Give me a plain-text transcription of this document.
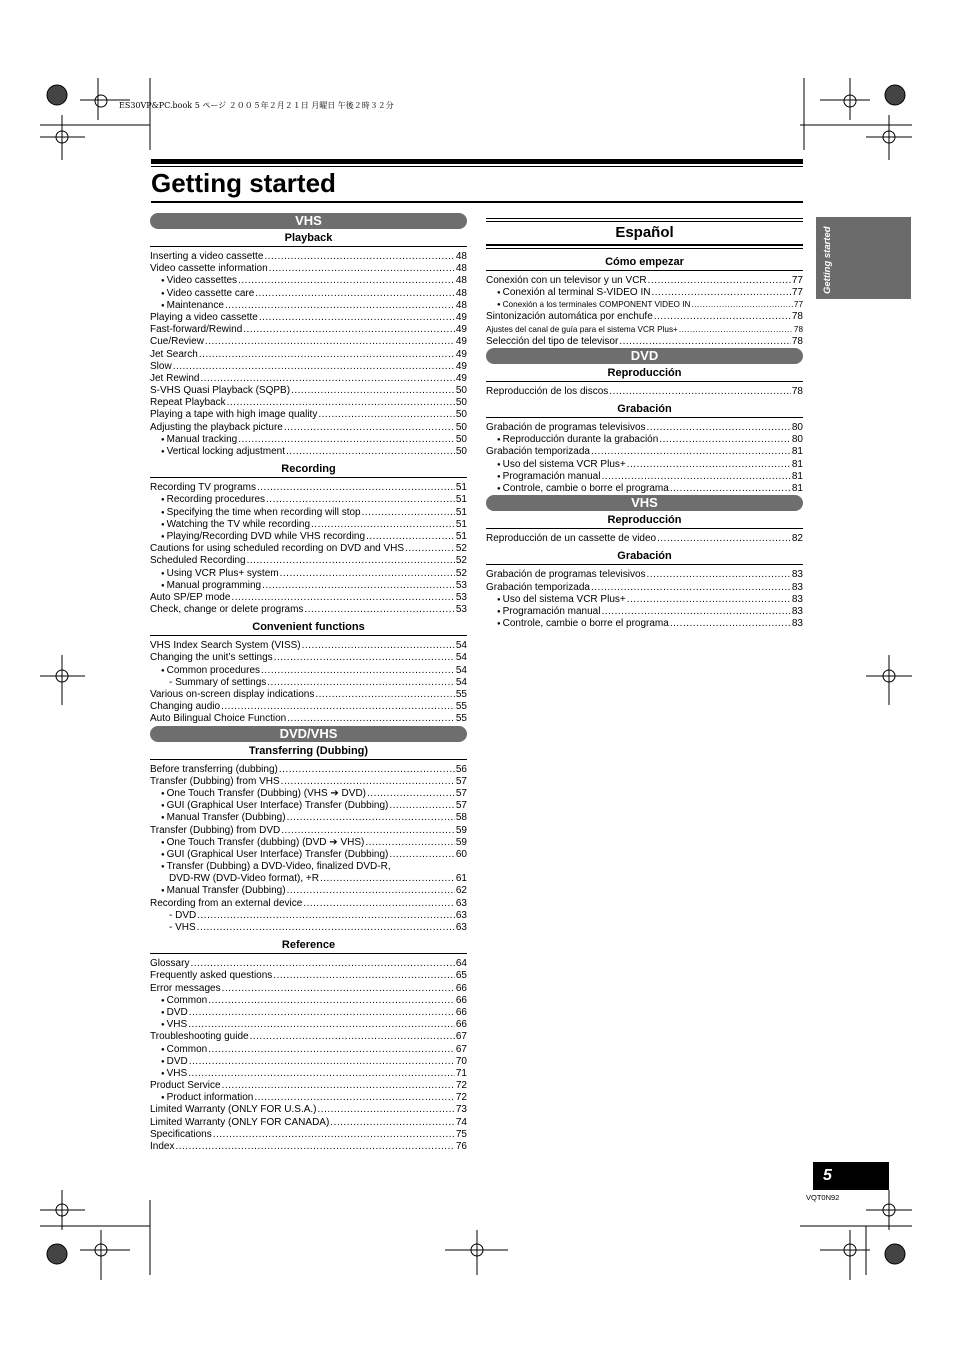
ES30VP&PC.book 5 ページ ２００５年２月２１日 月曜日 午後２時３２分
Getting started
VHS
Playback
Inserting a video cassette .....	48
Video cassette information .....	48
● Video cassettes .....	48
● Video cassette care .....	48
● Maintenance .....	48
Playing a video cassette .....	49
Fast-forward/Rewind .....	49
Cue/Review .....	49
Jet Search .....	49
Slow .....	49
Jet Rewind .....	49
S-VHS Quasi Playback (SQPB) .....	50
Repeat Playback .....	50
Playing a tape with high image quality .....	50
Adjusting the playback picture .....	50
● Manual tracking .....	50
● Vertical locking adjustment .....	50
Recording
Recording TV programs .....	51
● Recording procedures .....	51
● Specifying the time when recording will stop .....	51
● Watching the TV while recording .....	51
● Playing/Recording DVD while VHS recording .....	51
Cautions for using scheduled recording on DVD and VHS .....	52
Scheduled Recording .....	52
● Using VCR Plus+ system .....	52
● Manual programming .....	53
Auto SP/EP mode .....	53
Check, change or delete programs .....	53
Convenient functions
VHS Index Search System (VISS) .....	54
Changing the unit’s settings .....	54
● Common procedures .....	54
- Summary of settings .....	54
Various on-screen display indications .....	55
Changing audio .....	55
Auto Bilingual Choice Function .....	55
DVD/VHS
Transferring (Dubbing)
Before transferring (dubbing) .....	56
Transfer (Dubbing) from VHS .....	57
● One Touch Transfer (Dubbing) (VHS ➔ DVD) .....	57
● GUI (Graphical User Interface) Transfer (Dubbing) .....	57
● Manual Transfer (Dubbing) .....	58
Transfer (Dubbing) from DVD .....	59
● One Touch Transfer (dubbing) (DVD ➔ VHS) .....	59
● GUI (Graphical User Interface) Transfer (Dubbing) .....	60
● Transfer (Dubbing) a DVD-Video, finalized DVD-R,
DVD-RW (DVD-Video format), +R .....	61
● Manual Transfer (Dubbing) .....	62
Recording from an external device .....	63
- DVD .....	63
- VHS .....	63
Reference
Glossary .....	64
Frequently asked questions .....	65
Error messages .....	66
● Common .....	66
● DVD .....	66
● VHS .....	66
Troubleshooting guide .....	67
● Common .....	67
● DVD .....	70
● VHS .....	71
Product Service .....	72
● Product information .....	72
Limited Warranty (ONLY FOR U.S.A.) .....	73
Limited Warranty (ONLY FOR CANADA) .....	74
Specifications .....	75
Index .....	76
Español
Cómo empezar
Conexión con un televisor y un VCR .....	77
● Conexión al terminal S-VIDEO IN .....	77
● Conexión a los terminales COMPONENT VIDEO IN .....	77
Sintonización automática por enchufe .....	78
Ajustes del canal de guía para el sistema VCR Plus+ .....	78
Selección del tipo de televisor .....	78
DVD
Reproducción
Reproducción de los discos .....	78
Grabación
Grabación de programas televisivos .....	80
● Reproducción durante la grabación .....	80
Grabación temporizada .....	81
● Uso del sistema VCR Plus+ .....	81
● Programación manual .....	81
● Controle, cambie o borre el programa .....	81
VHS
Reproducción
Reproducción de un cassette de video .....	82
Grabación
Grabación de programas televisivos .....	83
Grabación temporizada .....	83
● Uso del sistema VCR Plus+ .....	83
● Programación manual .....	83
● Controle, cambie o borre el programa .....	83
Getting started
5
VQT0N92
